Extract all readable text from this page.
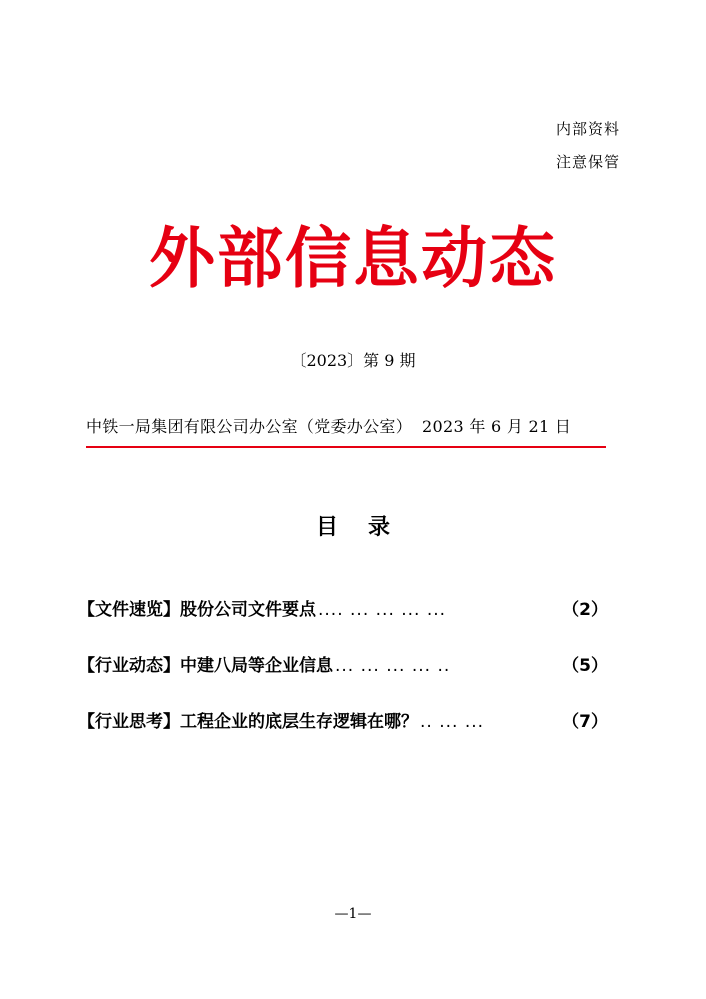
内部资料
注意保管
外部信息动态
〔2023〕第 9 期
中铁一局集团有限公司办公室（党委办公室） 2023 年 6 月 21 日
目 录
【文件速览】 股份公司文件要点 .... ... ... ... ...	（2）
【行业动态】 中建八局等企业信息 ... ... ... ... ..	（5）
【行业思考】 工程企业的底层生存逻辑在哪？ .. ... ...	（7）
—1—
